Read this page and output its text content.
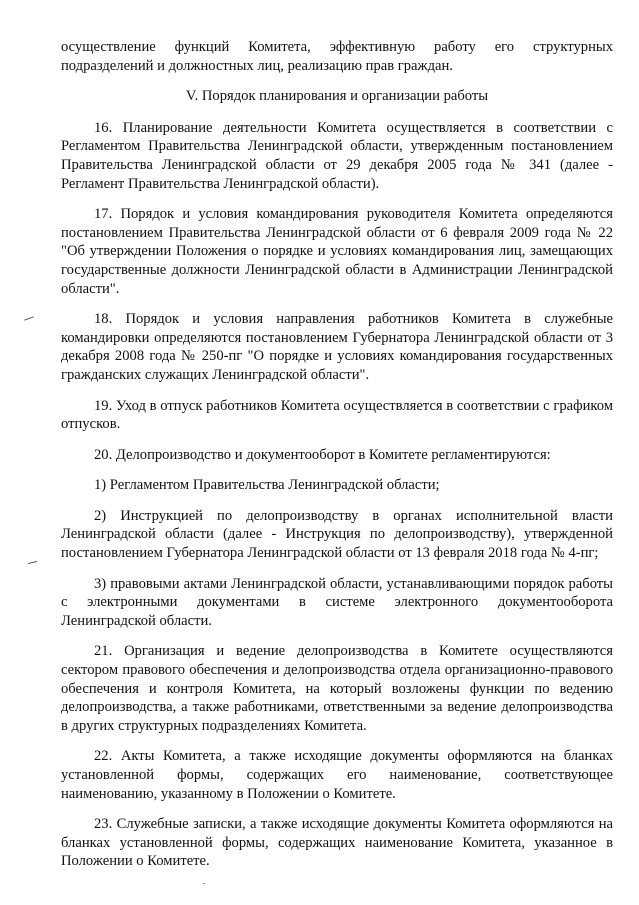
осуществление функций Комитета, эффективную работу его структурных подразделений и должностных лиц, реализацию прав граждан.

V. Порядок планирования и организации работы

16. Планирование деятельности Комитета осуществляется в соответствии с Регламентом Правительства Ленинградской области, утвержденным постановлением Правительства Ленинградской области от 29 декабря 2005 года № 341 (далее - Регламент Правительства Ленинградской области).

17. Порядок и условия командирования руководителя Комитета определяются постановлением Правительства Ленинградской области от 6 февраля 2009 года № 22 "Об утверждении Положения о порядке и условиях командирования лиц, замещающих государственные должности Ленинградской области в Администрации Ленинградской области".

18. Порядок и условия направления работников Комитета в служебные командировки определяются постановлением Губернатора Ленинградской области от 3 декабря 2008 года № 250-пг "О порядке и условиях командирования государственных гражданских служащих Ленинградской области".

19. Уход в отпуск работников Комитета осуществляется в соответствии с графиком отпусков.

20. Делопроизводство и документооборот в Комитете регламентируются:

1) Регламентом Правительства Ленинградской области;

2) Инструкцией по делопроизводству в органах исполнительной власти Ленинградской области (далее - Инструкция по делопроизводству), утвержденной постановлением Губернатора Ленинградской области от 13 февраля 2018 года № 4-пг;

3) правовыми актами Ленинградской области, устанавливающими порядок работы с электронными документами в системе электронного документооборота Ленинградской области.

21. Организация и ведение делопроизводства в Комитете осуществляются сектором правового обеспечения и делопроизводства отдела организационно-правового обеспечения и контроля Комитета, на который возложены функции по ведению делопроизводства, а также работниками, ответственными за ведение делопроизводства в других структурных подразделениях Комитета.

22. Акты Комитета, а также исходящие документы оформляются на бланках установленной формы, содержащих его наименование, соответствующее наименованию, указанному в Положении о Комитете.

23. Служебные записки, а также исходящие документы Комитета оформляются на бланках установленной формы, содержащих наименование Комитета, указанное в Положении о Комитете.
